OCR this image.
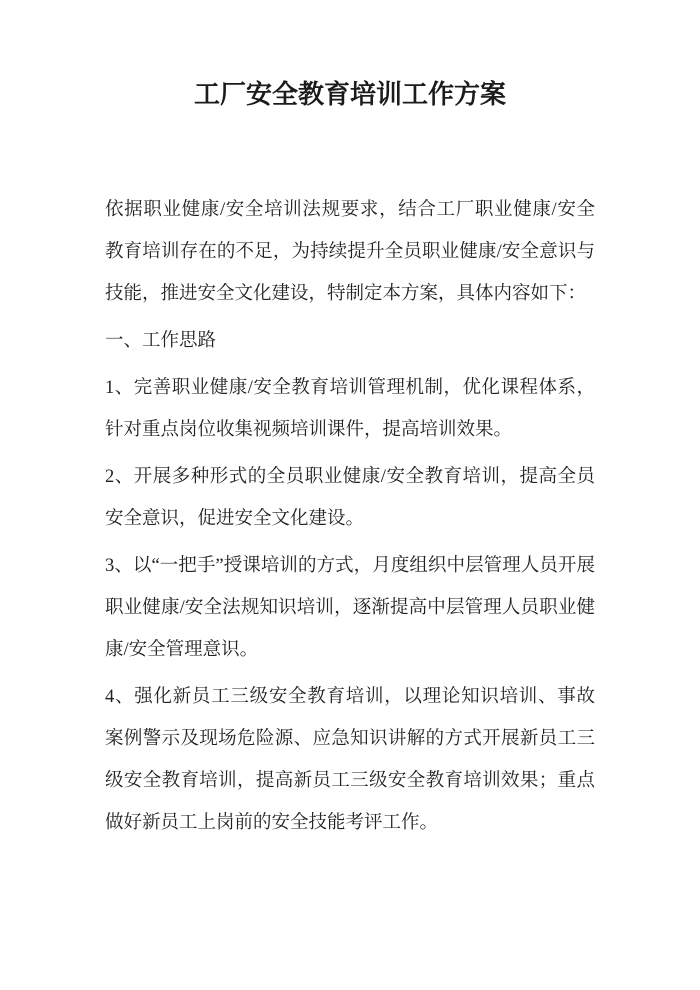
工厂安全教育培训工作方案

依据职业健康/安全培训法规要求，结合工厂职业健康/安全教育培训存在的不足，为持续提升全员职业健康/安全意识与技能，推进安全文化建设，特制定本方案，具体内容如下：

一、工作思路

1、完善职业健康/安全教育培训管理机制，优化课程体系，针对重点岗位收集视频培训课件，提高培训效果。

2、开展多种形式的全员职业健康/安全教育培训，提高全员安全意识，促进安全文化建设。

3、以“一把手”授课培训的方式，月度组织中层管理人员开展职业健康/安全法规知识培训，逐渐提高中层管理人员职业健康/安全管理意识。

4、强化新员工三级安全教育培训，以理论知识培训、事故案例警示及现场危险源、应急知识讲解的方式开展新员工三级安全教育培训，提高新员工三级安全教育培训效果；重点做好新员工上岗前的安全技能考评工作。
